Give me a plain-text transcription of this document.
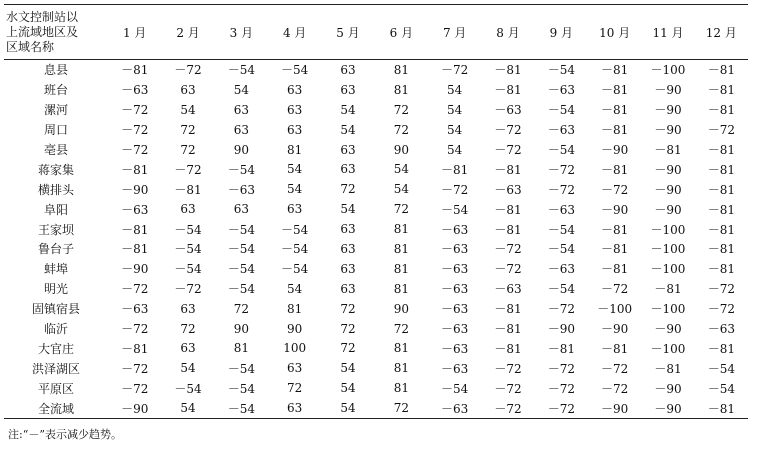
水文控制站以
上流域地区及
区域名称	1 月	2 月	3 月	4 月	5 月	6 月	7 月	8 月	9 月	10 月	11 月	12 月
息县	－81	－72	－54	－54	63	81	－72	－81	－54	－81	－100	－81
班台	－63	63	54	63	63	81	54	－81	－63	－81	－90	－81
漯河	－72	54	63	63	54	72	54	－63	－54	－81	－90	－81
周口	－72	72	63	63	54	72	54	－72	－63	－81	－90	－72
亳县	－72	72	90	81	63	90	54	－72	－54	－90	－81	－81
蒋家集	－81	－72	－54	54	63	54	－81	－81	－72	－81	－90	－81
横排头	－90	－81	－63	54	72	54	－72	－63	－72	－72	－90	－81
阜阳	－63	63	63	63	54	72	－54	－81	－63	－90	－90	－81
王家坝	－81	－54	－54	－54	63	81	－63	－81	－54	－81	－100	－81
鲁台子	－81	－54	－54	－54	63	81	－63	－72	－54	－81	－100	－81
蚌埠	－90	－54	－54	－54	63	81	－63	－72	－63	－81	－100	－81
明光	－72	－72	－54	54	63	81	－63	－63	－54	－72	－81	－72
固镇宿县	－63	63	72	81	72	90	－63	－81	－72	－100	－100	－72
临沂	－72	72	90	90	72	72	－63	－81	－90	－90	－90	－63
大官庄	－81	63	81	100	72	81	－63	－81	－81	－81	－100	－81
洪泽湖区	－72	54	－54	63	54	81	－63	－72	－72	－72	－81	－54
平原区	－72	－54	－54	72	54	81	－54	－72	－72	－72	－90	－54
全流域	－90	54	－54	63	54	72	－63	－72	－72	－90	－90	－81
注:“－”表示减少趋势。
